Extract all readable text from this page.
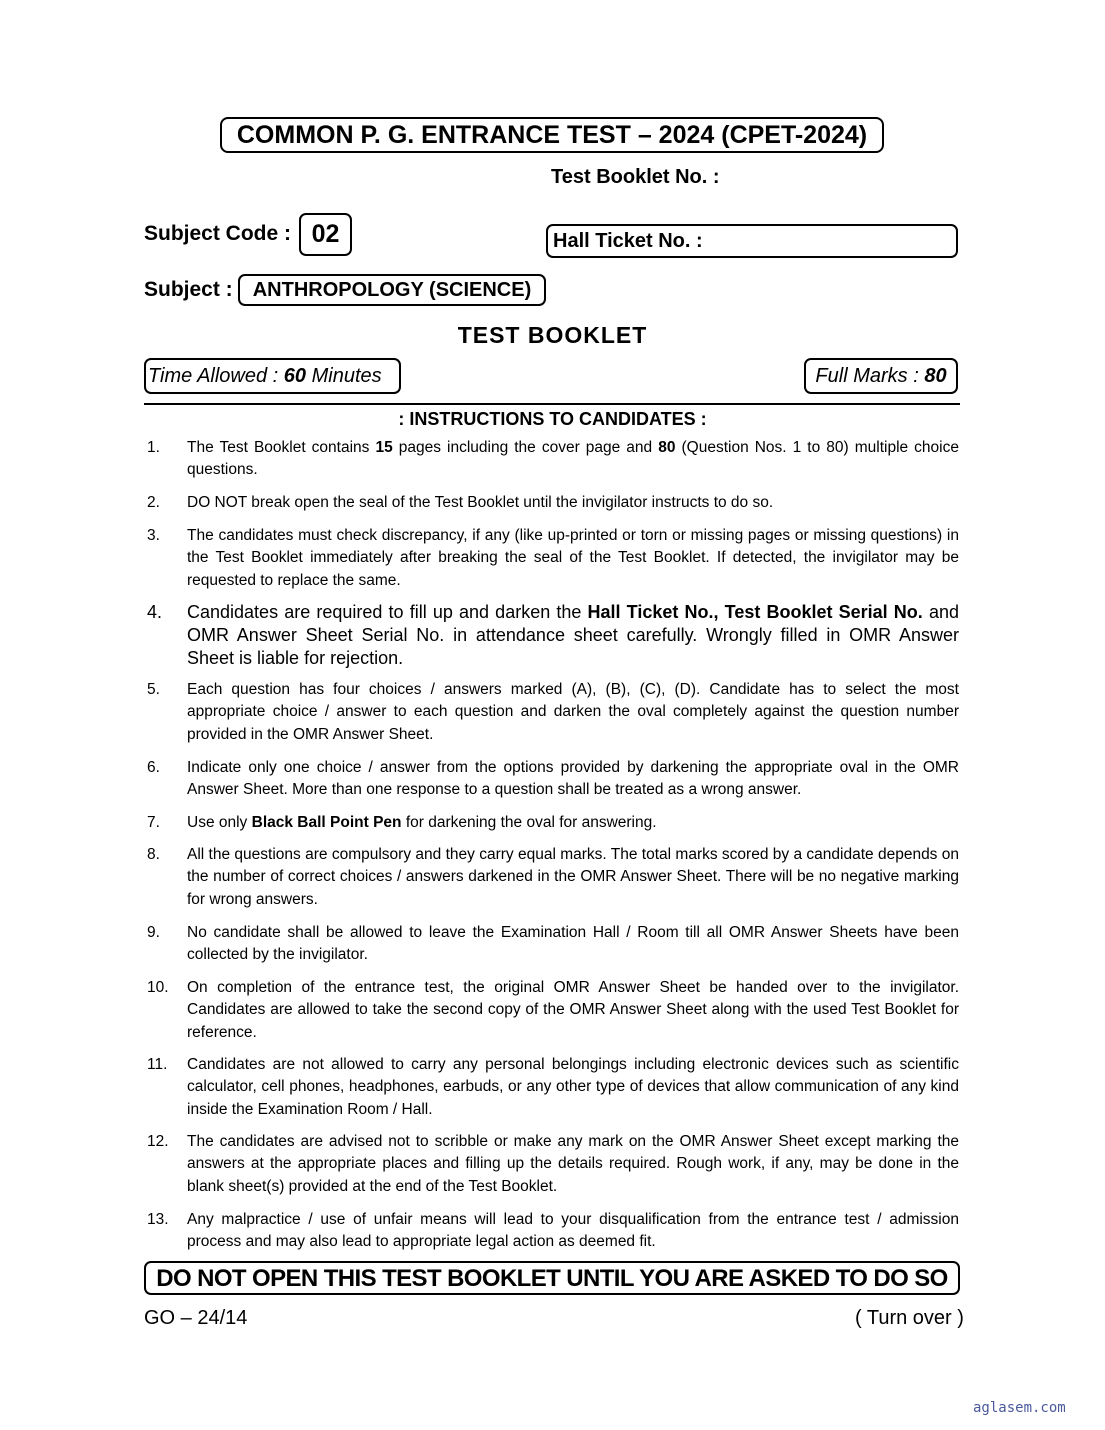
COMMON P. G. ENTRANCE TEST – 2024 (CPET-2024)
Test Booklet No. :
Subject Code : 02	Hall Ticket No. :
Subject :	ANTHROPOLOGY (SCIENCE)
TEST BOOKLET
Time Allowed : 60 Minutes	Full Marks : 80
: INSTRUCTIONS TO CANDIDATES :
1. The Test Booklet contains 15 pages including the cover page and 80 (Question Nos. 1 to 80) multiple choice questions.
2. DO NOT break open the seal of the Test Booklet until the invigilator instructs to do so.
3. The candidates must check discrepancy, if any (like up-printed or torn or missing pages or missing questions) in the Test Booklet immediately after breaking the seal of the Test Booklet. If detected, the invigilator may be requested to replace the same.
4. Candidates are required to fill up and darken the Hall Ticket No., Test Booklet Serial No. and OMR Answer Sheet Serial No. in attendance sheet carefully. Wrongly filled in OMR Answer Sheet is liable for rejection.
5. Each question has four choices / answers marked (A), (B), (C), (D). Candidate has to select the most appropriate choice / answer to each question and darken the oval completely against the question number provided in the OMR Answer Sheet.
6. Indicate only one choice / answer from the options provided by darkening the appropriate oval in the OMR Answer Sheet. More than one response to a question shall be treated as a wrong answer.
7. Use only Black Ball Point Pen for darkening the oval for answering.
8. All the questions are compulsory and they carry equal marks. The total marks scored by a candidate depends on the number of correct choices / answers darkened in the OMR Answer Sheet. There will be no negative marking for wrong answers.
9. No candidate shall be allowed to leave the Examination Hall / Room till all OMR Answer Sheets have been collected by the invigilator.
10. On completion of the entrance test, the original OMR Answer Sheet be handed over to the invigilator. Candidates are allowed to take the second copy of the OMR Answer Sheet along with the used Test Booklet for reference.
11. Candidates are not allowed to carry any personal belongings including electronic devices such as scientific calculator, cell phones, headphones, earbuds, or any other type of devices that allow communication of any kind inside the Examination Room / Hall.
12. The candidates are advised not to scribble or make any mark on the OMR Answer Sheet except marking the answers at the appropriate places and filling up the details required. Rough work, if any, may be done in the blank sheet(s) provided at the end of the Test Booklet.
13. Any malpractice / use of unfair means will lead to your disqualification from the entrance test / admission process and may also lead to appropriate legal action as deemed fit.
DO NOT OPEN THIS TEST BOOKLET UNTIL YOU ARE ASKED TO DO SO
GO – 24/14	( Turn over )
aglasem.com
